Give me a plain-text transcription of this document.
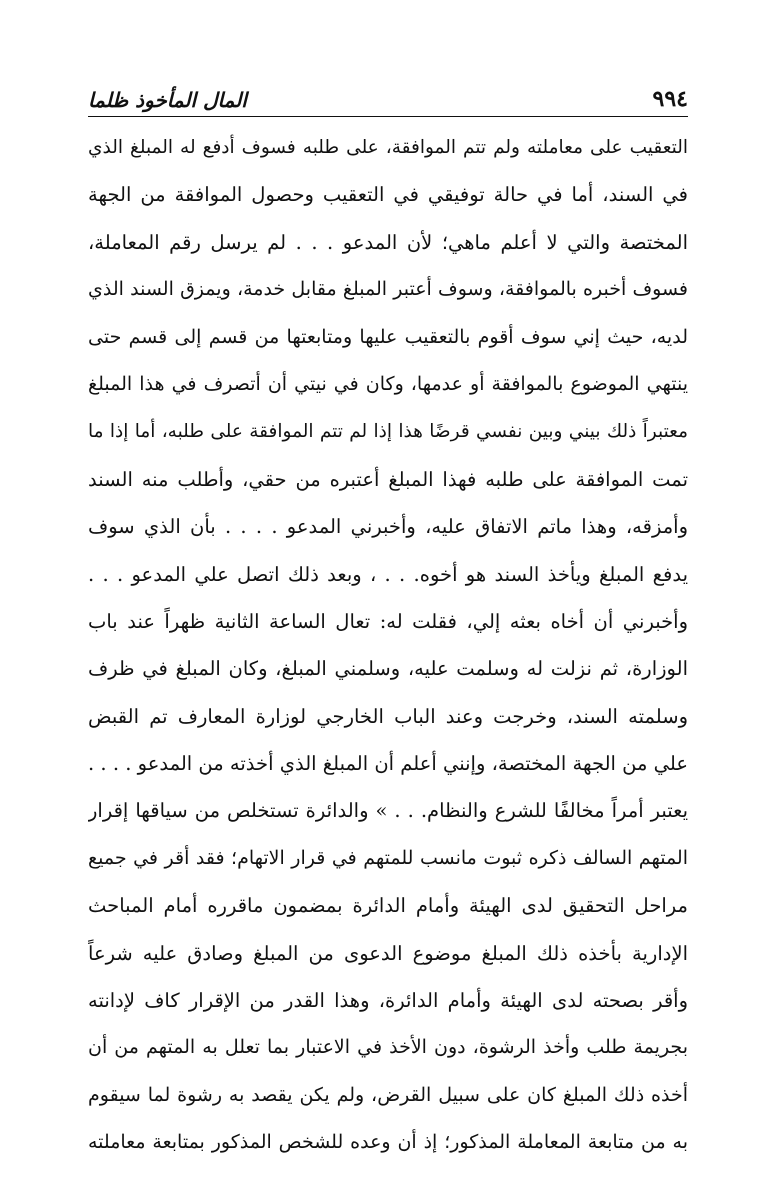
٩٩٤
المال المأخوذ ظلما
التعقيب على معاملته ولم تتم الموافقة، على طلبه فسوف أدفع له المبلغ الذي
في السند، أما في حالة توفيقي في التعقيب وحصول الموافقة من الجهة
المختصة والتي لا أعلم ماهي؛ لأن المدعو . . . لم يرسل رقم المعاملة،
فسوف أخبره بالموافقة، وسوف أعتبر المبلغ مقابل خدمة، ويمزق السند الذي
لديه، حيث إني سوف أقوم بالتعقيب عليها ومتابعتها من قسم إلى قسم حتى
ينتهي الموضوع بالموافقة أو عدمها، وكان في نيتي أن أتصرف في هذا المبلغ
معتبراً ذلك بيني وبين نفسي قرضًا هذا إذا لم تتم الموافقة على طلبه، أما إذا ما
تمت الموافقة على طلبه فهذا المبلغ أعتبره من حقي، وأطلب منه السند
وأمزقه، وهذا ماتم الاتفاق عليه، وأخبرني المدعو . . . . بأن الذي سوف
يدفع المبلغ ويأخذ السند هو أخوه. . . ، وبعد ذلك اتصل علي المدعو . . .
وأخبرني أن أخاه بعثه إلي، فقلت له: تعال الساعة الثانية ظهراً عند باب
الوزارة، ثم نزلت له وسلمت عليه، وسلمني المبلغ، وكان المبلغ في ظرف
وسلمته السند، وخرجت وعند الباب الخارجي لوزارة المعارف تم القبض
علي من الجهة المختصة، وإنني أعلم أن المبلغ الذي أخذته من المدعو . . . .
يعتبر أمراً مخالفًا للشرع والنظام. . . » والدائرة تستخلص من سياقها إقرار
المتهم السالف ذكره ثبوت مانسب للمتهم في قرار الاتهام؛ فقد أقر في جميع
مراحل التحقيق لدى الهيئة وأمام الدائرة بمضمون ماقرره أمام المباحث
الإدارية بأخذه ذلك المبلغ موضوع الدعوى من المبلغ وصادق عليه شرعاً
وأقر بصحته لدى الهيئة وأمام الدائرة، وهذا القدر من الإقرار كاف لإدانته
بجريمة طلب وأخذ الرشوة، دون الأخذ في الاعتبار بما تعلل به المتهم من أن
أخذه ذلك المبلغ كان على سبيل القرض، ولم يكن يقصد به رشوة لما سيقوم
به من متابعة المعاملة المذكور؛ إذ أن وعده للشخص المذكور بمتابعة معاملته
